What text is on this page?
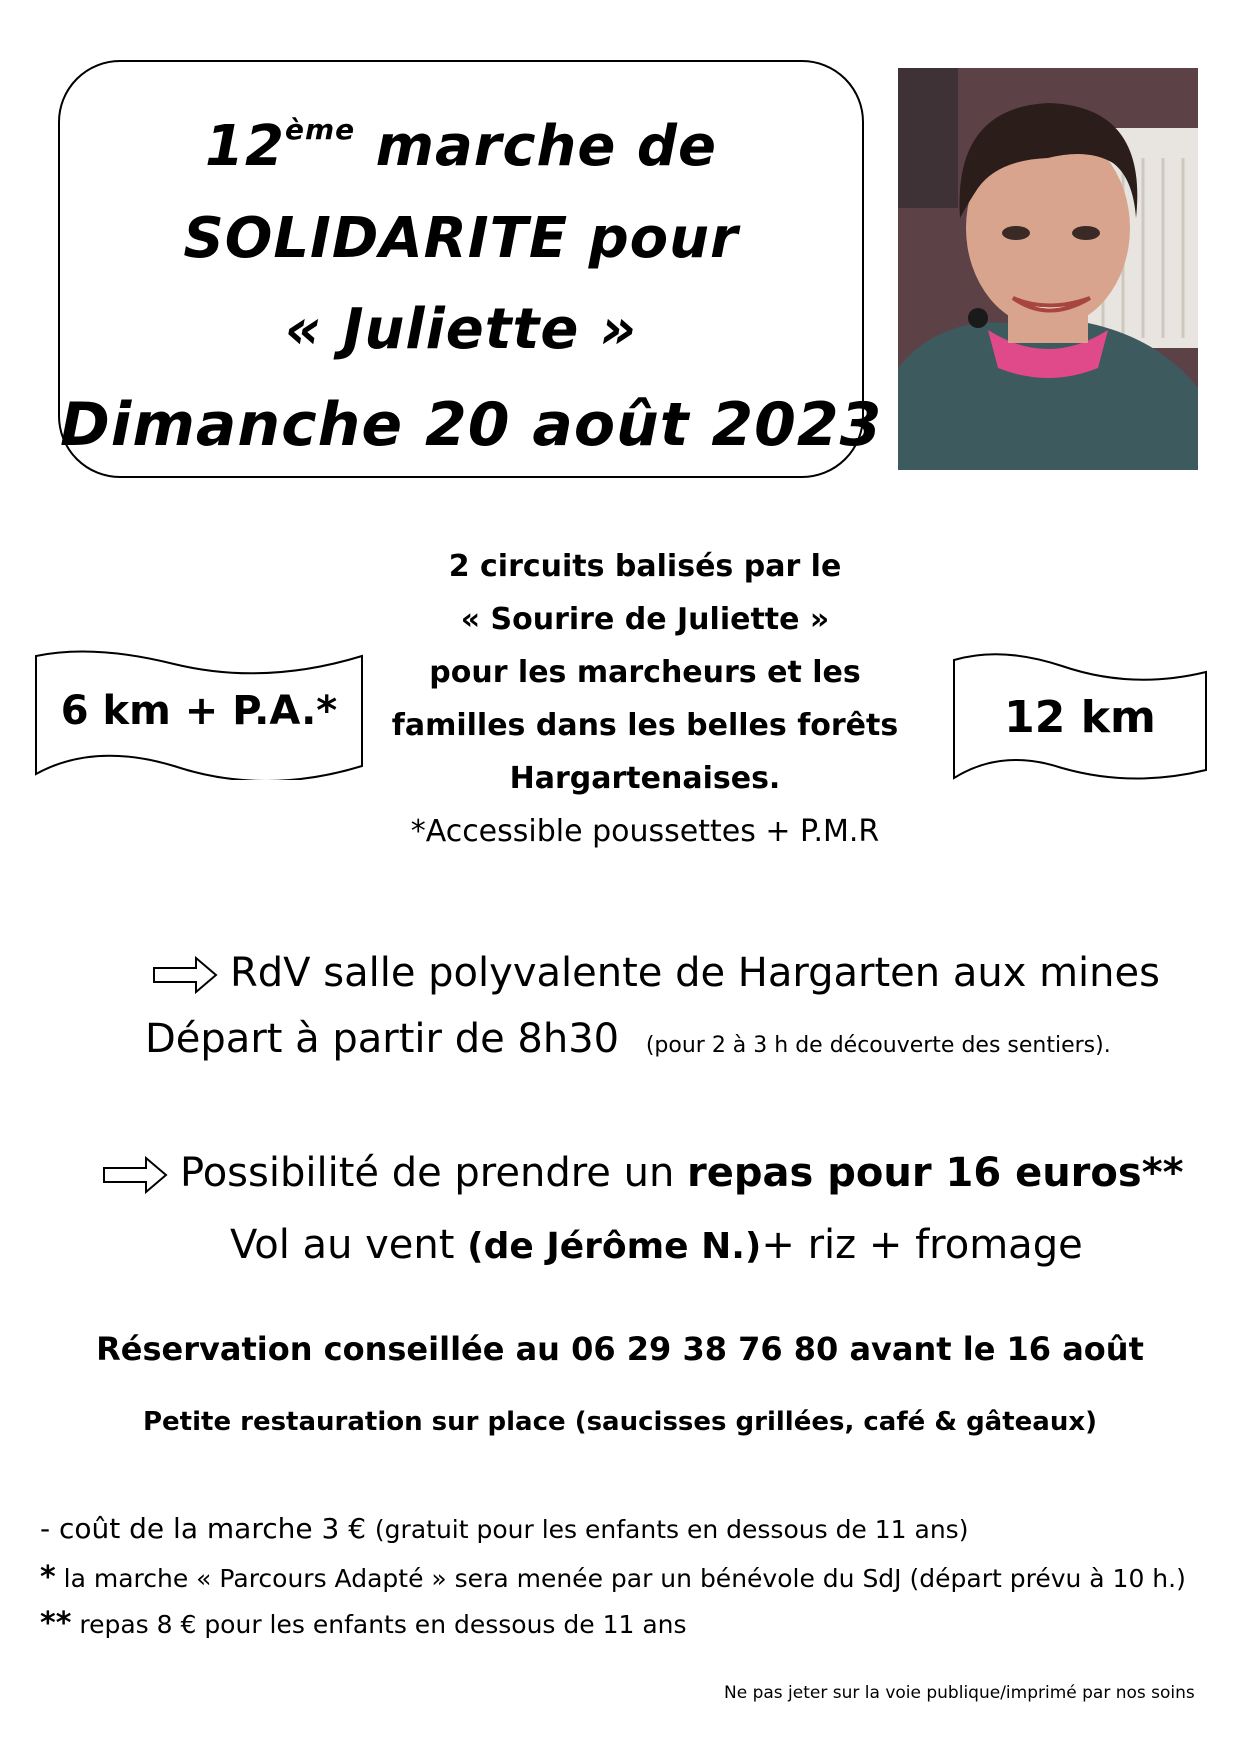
12ème marche de
SOLIDARITE pour
« Juliette »
Dimanche 20 août 2023
6 km + P.A.*	12 km
2 circuits balisés par le
« Sourire de Juliette »
pour les marcheurs et les
familles dans les belles forêts
Hargartenaises.
*Accessible poussettes + P.M.R
RdV salle polyvalente de Hargarten aux mines
Départ à partir de 8h30 (pour 2 à 3 h de découverte des sentiers).
Possibilité de prendre un repas pour 16 euros**
Vol au vent (de Jérôme N.)+ riz + fromage
Réservation conseillée au 06 29 38 76 80 avant le 16 août
Petite restauration sur place (saucisses grillées, café & gâteaux)
- coût de la marche 3 € (gratuit pour les enfants en dessous de 11 ans)
* la marche « Parcours Adapté » sera menée par un bénévole du SdJ (départ prévu à 10 h.)
** repas 8 € pour les enfants en dessous de 11 ans
Ne pas jeter sur la voie publique/imprimé par nos soins
